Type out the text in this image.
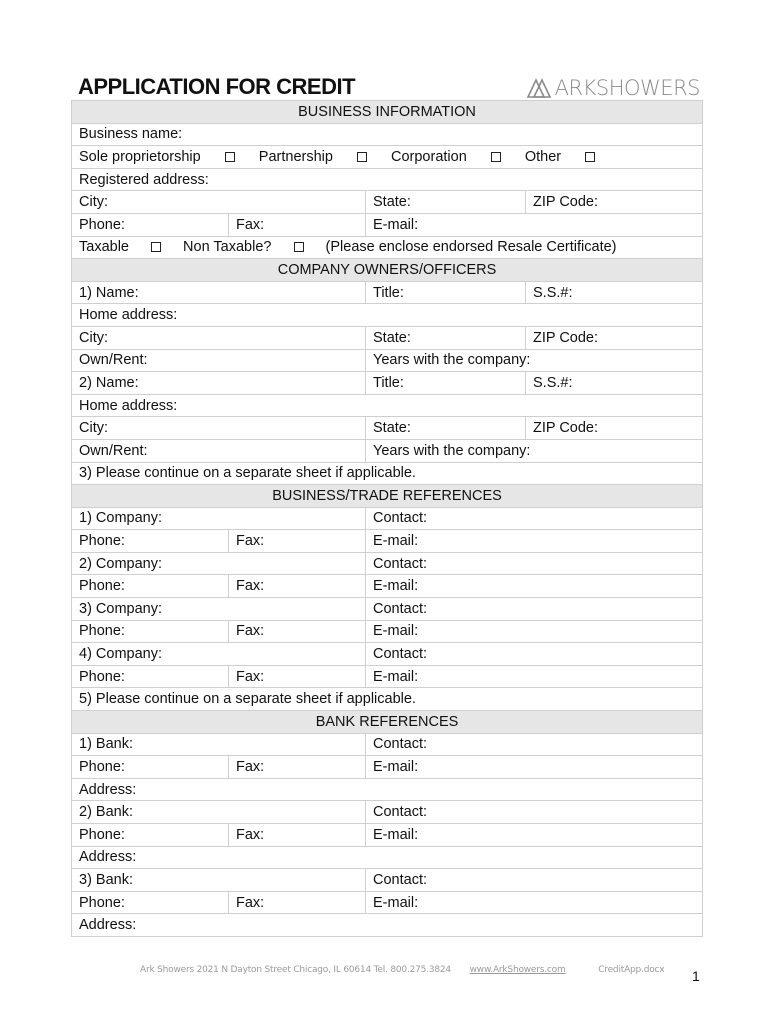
APPLICATION FOR CREDIT	ARKSHOWERS
BUSINESS INFORMATION			
Business name:			
Sole proprietorship Partnership Corporation Other			
Registered address:			
City:		State:	ZIP Code:
Phone:	Fax:	E-mail:	
Taxable Non Taxable? (Please enclose endorsed Resale Certificate)			
COMPANY OWNERS/OFFICERS			
1) Name:		Title:	S.S.#:
Home address:			
City:		State:	ZIP Code:
Own/Rent:		Years with the company:	
2) Name:		Title:	S.S.#:
Home address:			
City:		State:	ZIP Code:
Own/Rent:		Years with the company:	
3) Please continue on a separate sheet if applicable.			
BUSINESS/TRADE REFERENCES			
1) Company:		Contact:	
Phone:	Fax:	E-mail:	
2) Company:		Contact:	
Phone:	Fax:	E-mail:	
3) Company:		Contact:	
Phone:	Fax:	E-mail:	
4) Company:		Contact:	
Phone:	Fax:	E-mail:	
5) Please continue on a separate sheet if applicable.			
BANK REFERENCES			
1) Bank:		Contact:	
Phone:	Fax:	E-mail:	
Address:			
2) Bank:		Contact:	
Phone:	Fax:	E-mail:	
Address:			
3) Bank:		Contact:	
Phone:	Fax:	E-mail:	
Address:			
Ark Showers 2021 N Dayton Street Chicago, IL 60614 Tel. 800.275.3824 www.ArkShowers.com	CreditApp.docx 1
